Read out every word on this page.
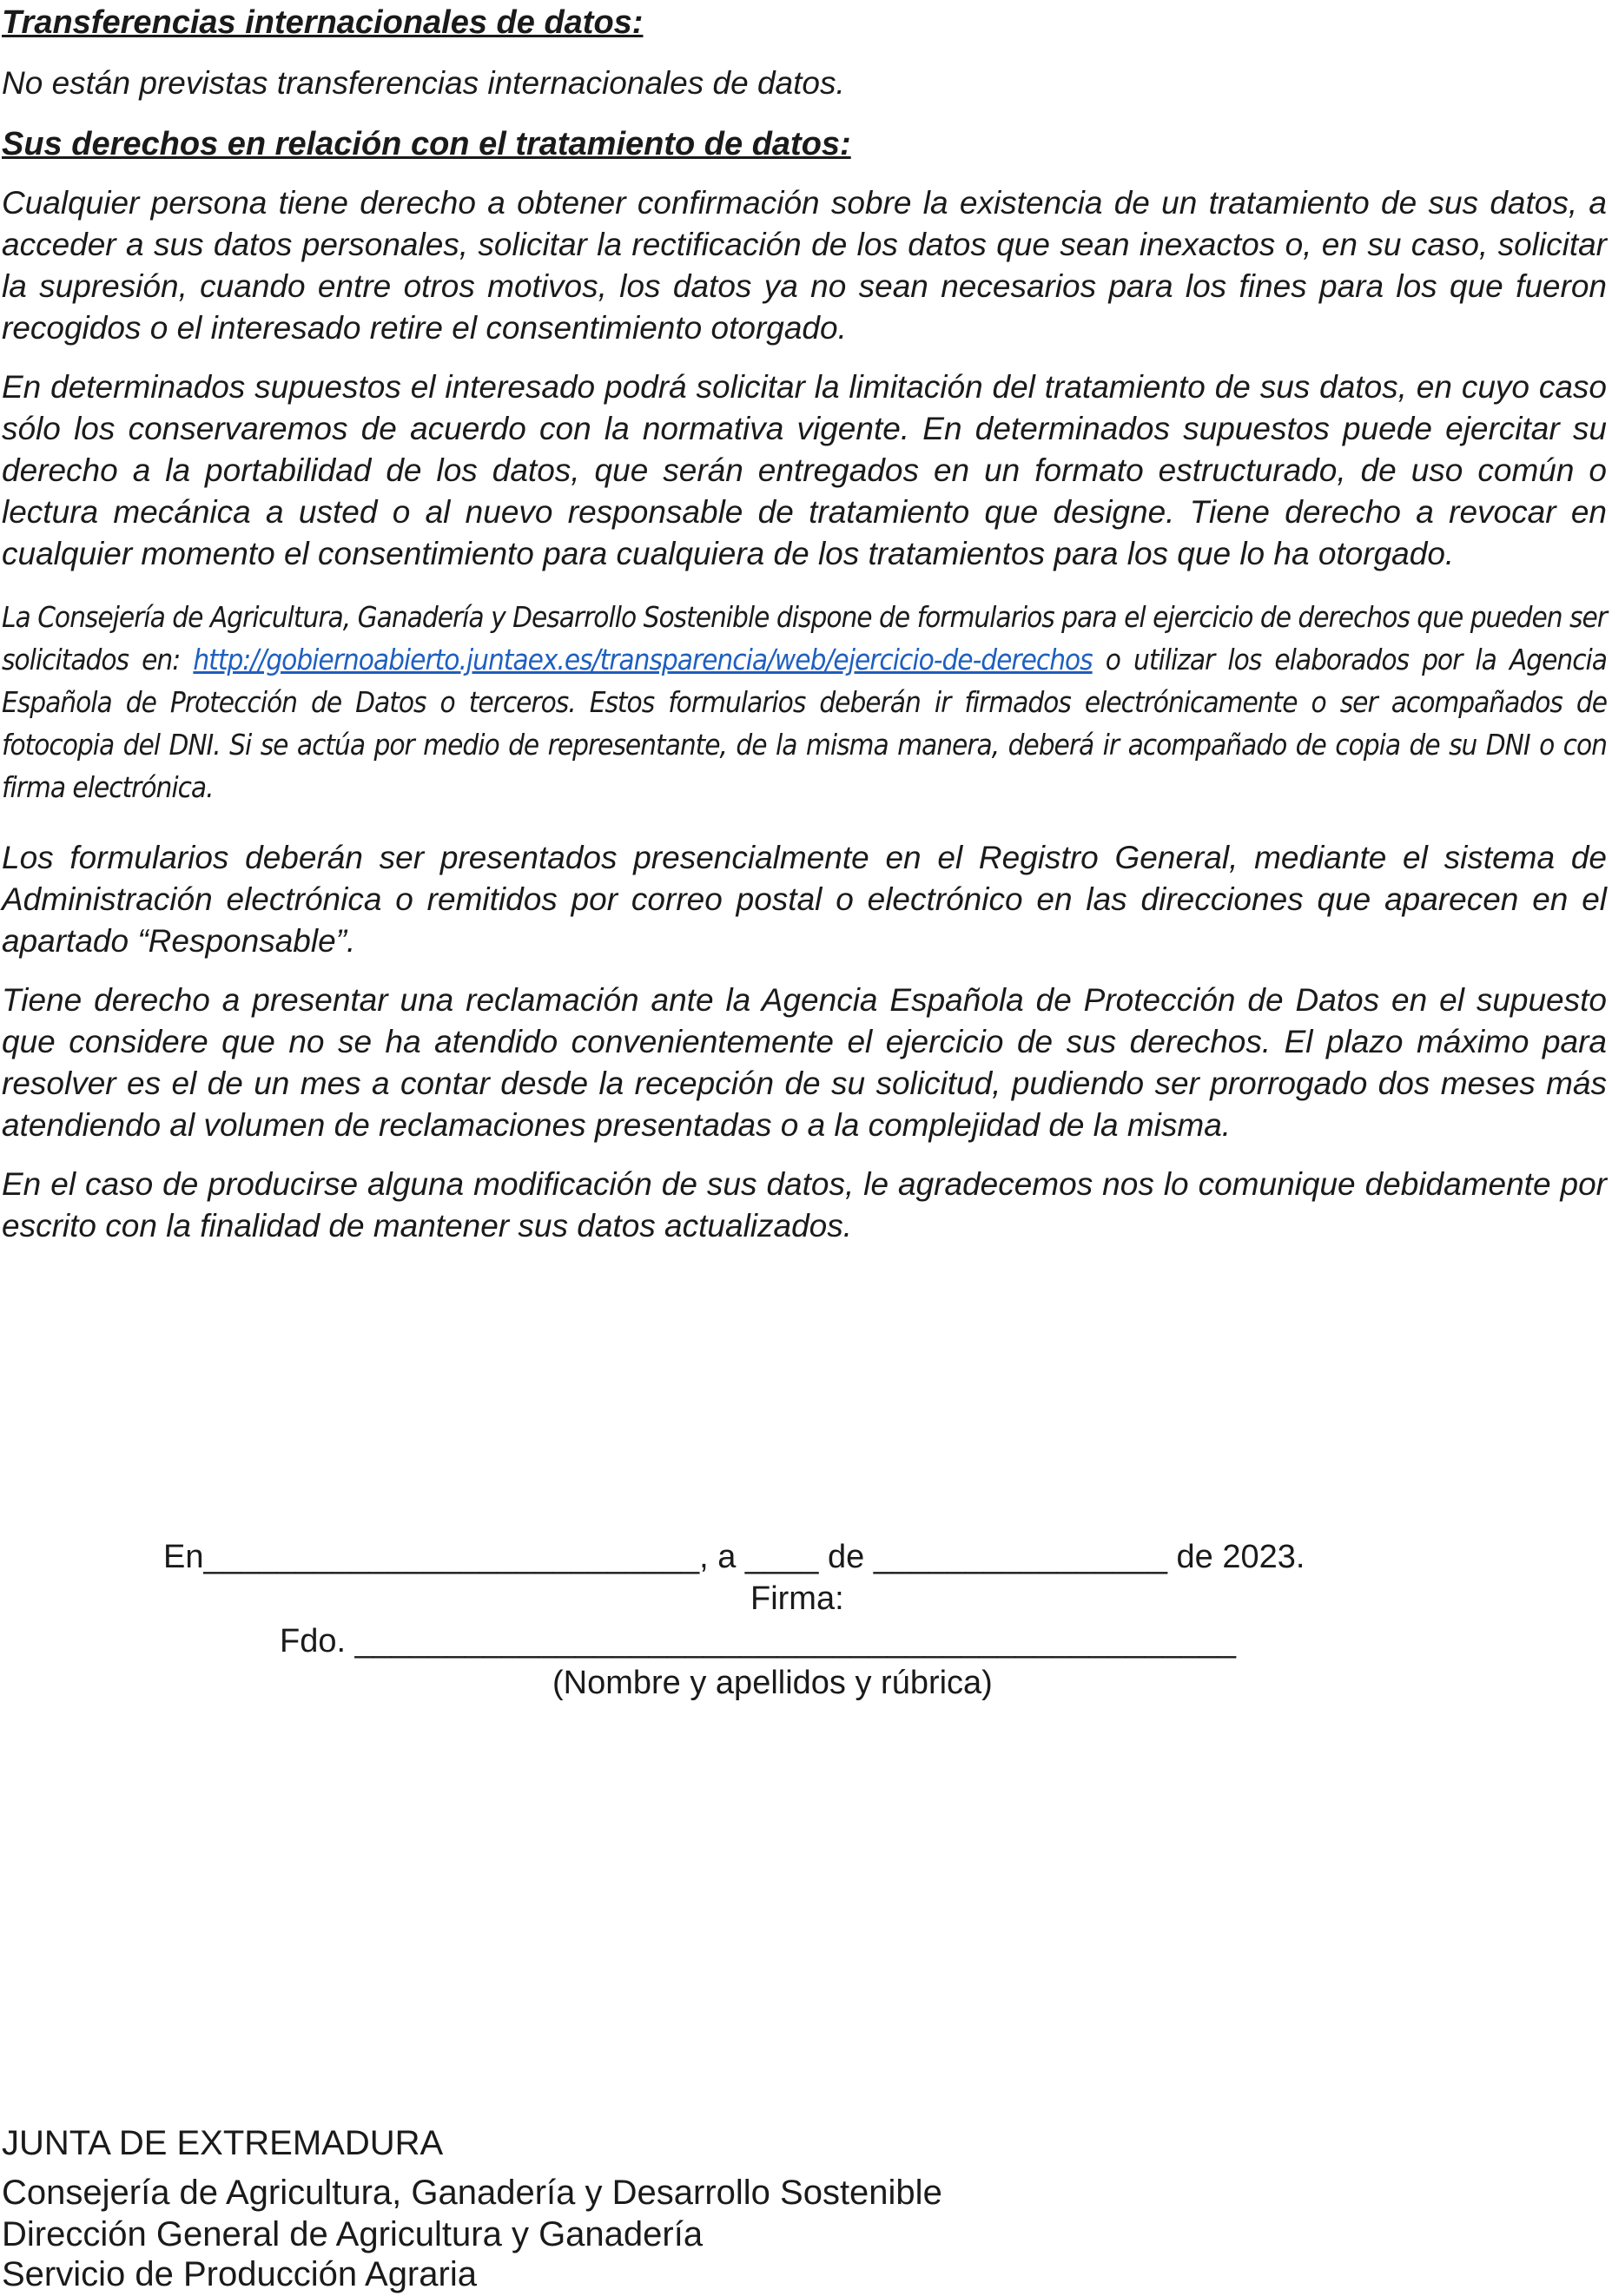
Transferencias internacionales de datos:

No están previstas transferencias internacionales de datos.

Sus derechos en relación con el tratamiento de datos:

Cualquier persona tiene derecho a obtener confirmación sobre la existencia de un tratamiento de sus datos, a acceder a sus datos personales, solicitar la rectificación de los datos que sean inexactos o, en su caso, solicitar la supresión, cuando entre otros motivos, los datos ya no sean necesarios para los fines para los que fueron recogidos o el interesado retire el consentimiento otorgado.

En determinados supuestos el interesado podrá solicitar la limitación del tratamiento de sus datos, en cuyo caso sólo los conservaremos de acuerdo con la normativa vigente. En determinados supuestos puede ejercitar su derecho a la portabilidad de los datos, que serán entregados en un formato estructurado, de uso común o lectura mecánica a usted o al nuevo responsable de tratamiento que designe. Tiene derecho a revocar en cualquier momento el consentimiento para cualquiera de los tratamientos para los que lo ha otorgado.

La Consejería de Agricultura, Ganadería y Desarrollo Sostenible dispone de formularios para el ejercicio de derechos que pueden ser solicitados en: http://gobiernoabierto.juntaex.es/transparencia/web/ejercicio-de-derechos o utilizar los elaborados por la Agencia Española de Protección de Datos o terceros. Estos formularios deberán ir firmados electrónicamente o ser acompañados de fotocopia del DNI. Si se actúa por medio de representante, de la misma manera, deberá ir acompañado de copia de su DNI o con firma electrónica.

Los formularios deberán ser presentados presencialmente en el Registro General, mediante el sistema de Administración electrónica o remitidos por correo postal o electrónico en las direcciones que aparecen en el apartado “Responsable”.

Tiene derecho a presentar una reclamación ante la Agencia Española de Protección de Datos en el supuesto que considere que no se ha atendido convenientemente el ejercicio de sus derechos. El plazo máximo para resolver es el de un mes a contar desde la recepción de su solicitud, pudiendo ser prorrogado dos meses más atendiendo al volumen de reclamaciones presentadas o a la complejidad de la misma.

En el caso de producirse alguna modificación de sus datos, le agradecemos nos lo comunique debidamente por escrito con la finalidad de mantener sus datos actualizados.

En___________________________, a ____ de ________________ de 2023.
Firma:
Fdo. ________________________________________________
(Nombre y apellidos y rúbrica)
JUNTA DE EXTREMADURA
Consejería de Agricultura, Ganadería y Desarrollo Sostenible
Dirección General de Agricultura y Ganadería
Servicio de Producción Agraria
